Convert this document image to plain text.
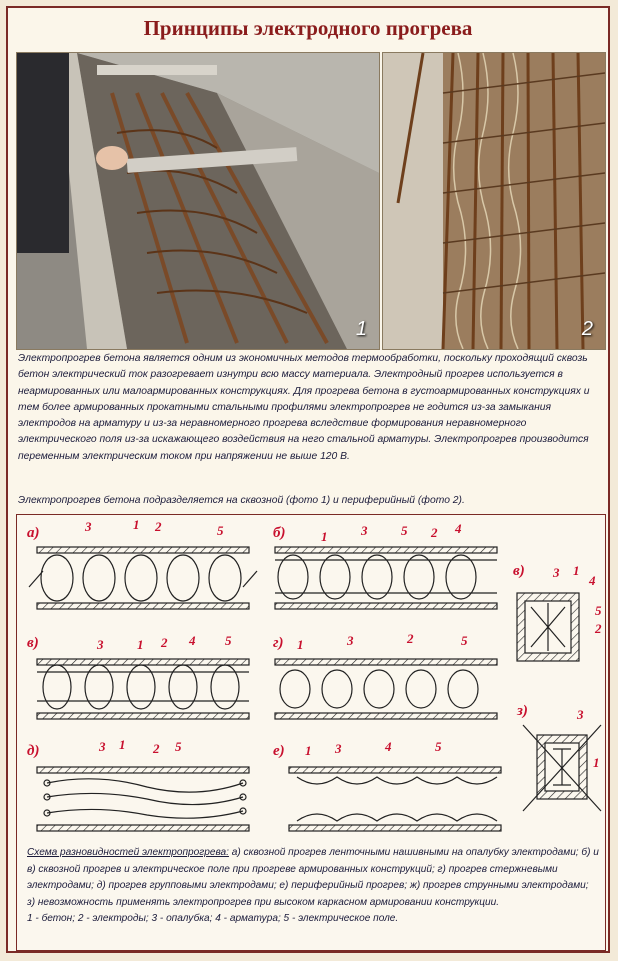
Принципы электродного прогрева
1	2
Электропрогрев бетона является одним из экономичных методов термообработки, поскольку проходящий сквозь бетон электрический ток разогревает изнутри всю массу материала. Электродный прогрев используется в неармированных или малоармированных конструкциях. Для прогрева бетона в густоармированных конструкциях и тем более армированных прокатными стальными профилями электропрогрев не годится из-за замыкания электродов на арматуру и из-за неравномерного прогрева вследствие формирования неравномерного электрического поля из-за искажающего воздействия на него стальной арматуры. Электропрогрев производится переменным электрическим током при напряжении не выше 120 В.
Электропрогрев бетона подразделяется на сквозной (фото 1) и периферийный (фото 2).
а)	б)
в)
в)	г)
д)	е)
з)
3	1 2	5	1	3	5 2 4
3	1 2 4 5	1	3	2	5
3 1 2 5	1 3	4	5
3 1
4
5
2
3
1
Схема разновидностей электропрогрева: а) сквозной прогрев ленточными нашивными на опалубку электродами; б) и в) сквозной прогрев и электрическое поле при прогреве армированных конструкций; г) прогрев стержневыми электродами; д) прогрев групповыми электродами; е) периферийный прогрев; ж) прогрев струнными электродами; з) невозможность применять электропрогрев при высоком каркасном армировании конструкции.
1 - бетон; 2 - электроды; 3 - опалубка; 4 - арматура; 5 - электрическое поле.
